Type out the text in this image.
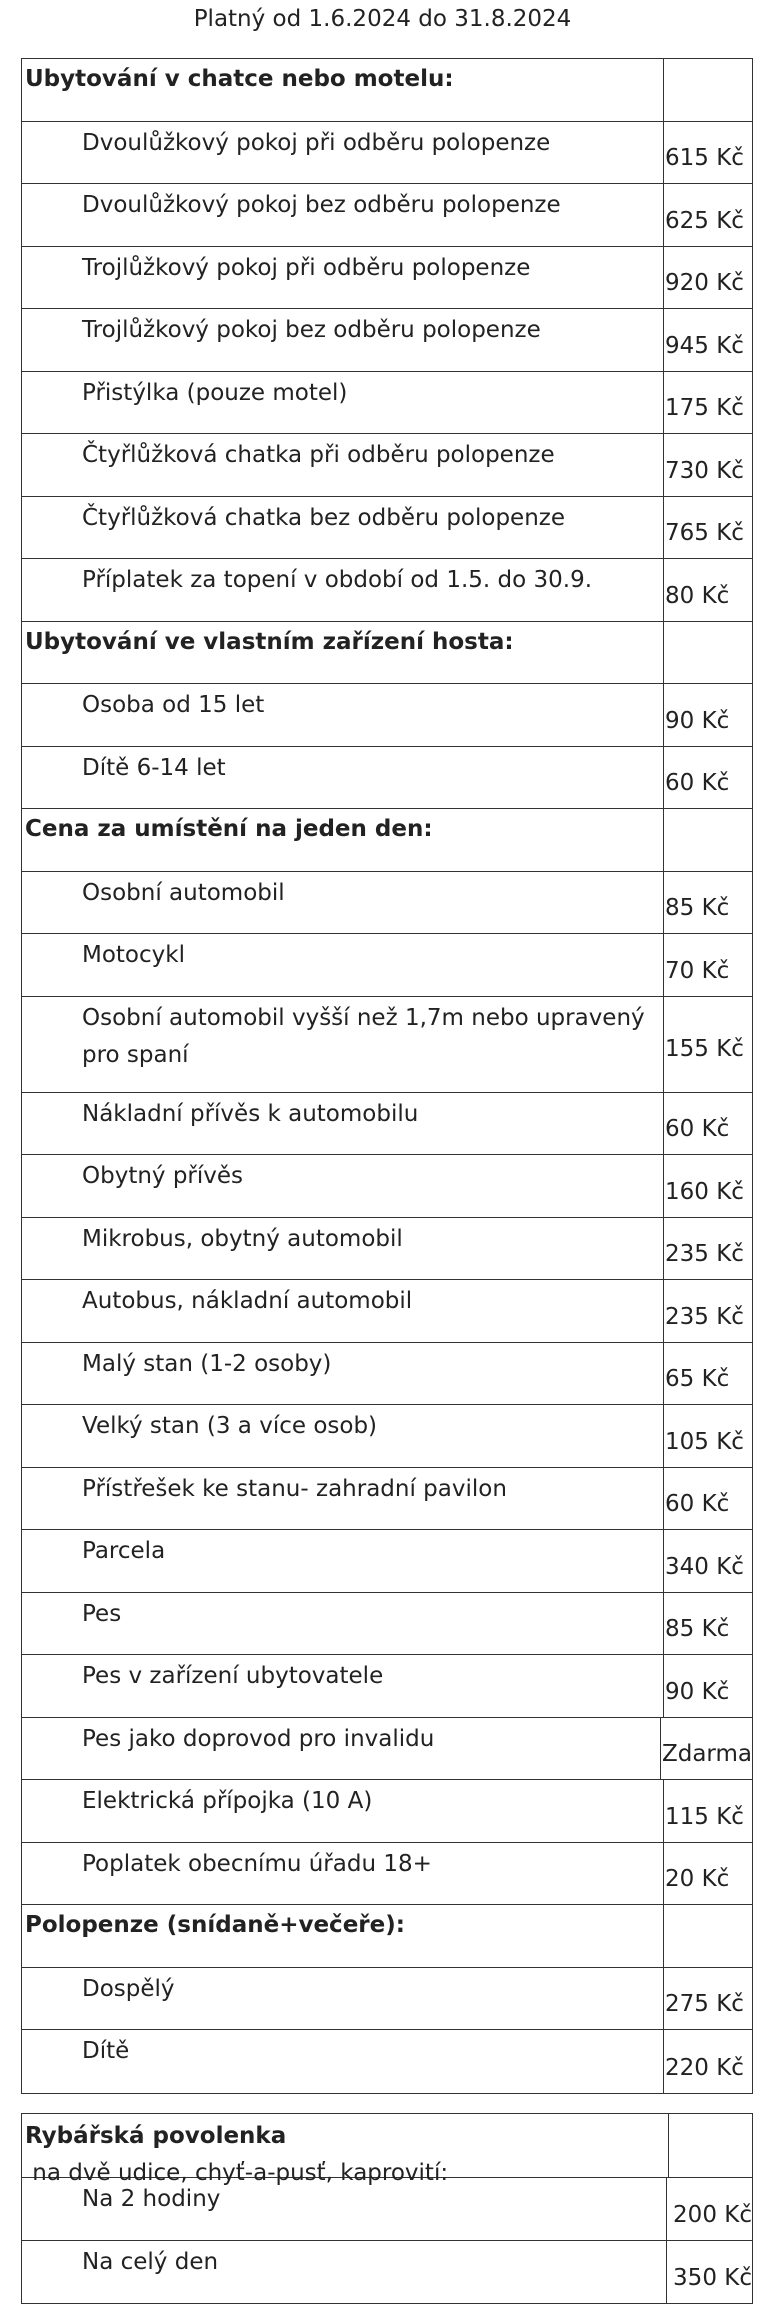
Platný od 1.6.2024 do 31.8.2024
Ubytování v chatce nebo motelu:
Dvoulůžkový pokoj při odběru polopenze
615 Kč
Dvoulůžkový pokoj bez odběru polopenze
625 Kč
Trojlůžkový pokoj při odběru polopenze
920 Kč
Trojlůžkový pokoj bez odběru polopenze
945 Kč
Přistýlka (pouze motel)
175 Kč
Čtyřlůžková chatka při odběru polopenze
730 Kč
Čtyřlůžková chatka bez odběru polopenze
765 Kč
Příplatek za topení v období od 1.5. do 30.9.
80 Kč
Ubytování ve vlastním zařízení hosta:
Osoba od 15 let
90 Kč
Dítě 6-14 let
60 Kč
Cena za umístění na jeden den:
Osobní automobil
85 Kč
Motocykl
70 Kč
Osobní automobil vyšší než 1,7m nebo upravený pro spaní	155 Kč
Nákladní přívěs k automobilu
60 Kč
Obytný přívěs
160 Kč
Mikrobus, obytný automobil
235 Kč
Autobus, nákladní automobil
235 Kč
Malý stan (1-2 osoby)
65 Kč
Velký stan (3 a více osob)
105 Kč
Přístřešek ke stanu- zahradní pavilon
60 Kč
Parcela
340 Kč
Pes
85 Kč
Pes v zařízení ubytovatele
90 Kč
Pes jako doprovod pro invalidu
Zdarma
Elektrická přípojka (10 A)
115 Kč
Poplatek obecnímu úřadu 18+
20 Kč
Polopenze (snídaně+večeře):
Dospělý
275 Kč
Dítě
220 Kč
Rybářská povolenka na dvě udice, chyť-a-pusť, kaprovití:
Na 2 hodiny
200 Kč
Na celý den
350 Kč
